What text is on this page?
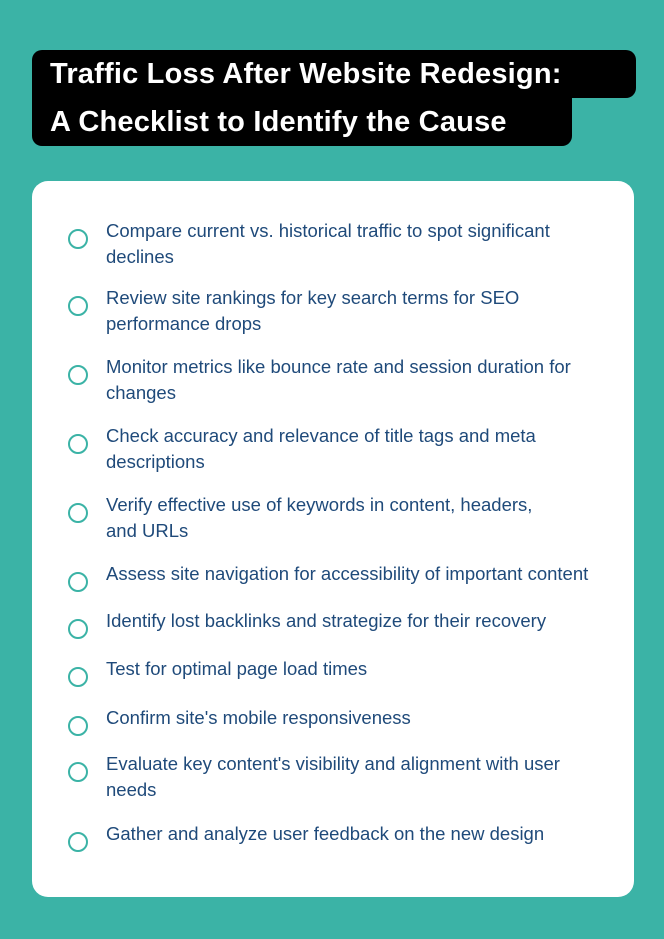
Traffic Loss After Website Redesign:
A Checklist to Identify the Cause
Compare current vs. historical traffic to spot significant
declines
Review site rankings for key search terms for SEO
performance drops
Monitor metrics like bounce rate and session duration for
changes
Check accuracy and relevance of title tags and meta
descriptions
Verify effective use of keywords in content, headers,
and URLs
Assess site navigation for accessibility of important content
Identify lost backlinks and strategize for their recovery
Test for optimal page load times
Confirm site's mobile responsiveness
Evaluate key content's visibility and alignment with user
needs
Gather and analyze user feedback on the new design
